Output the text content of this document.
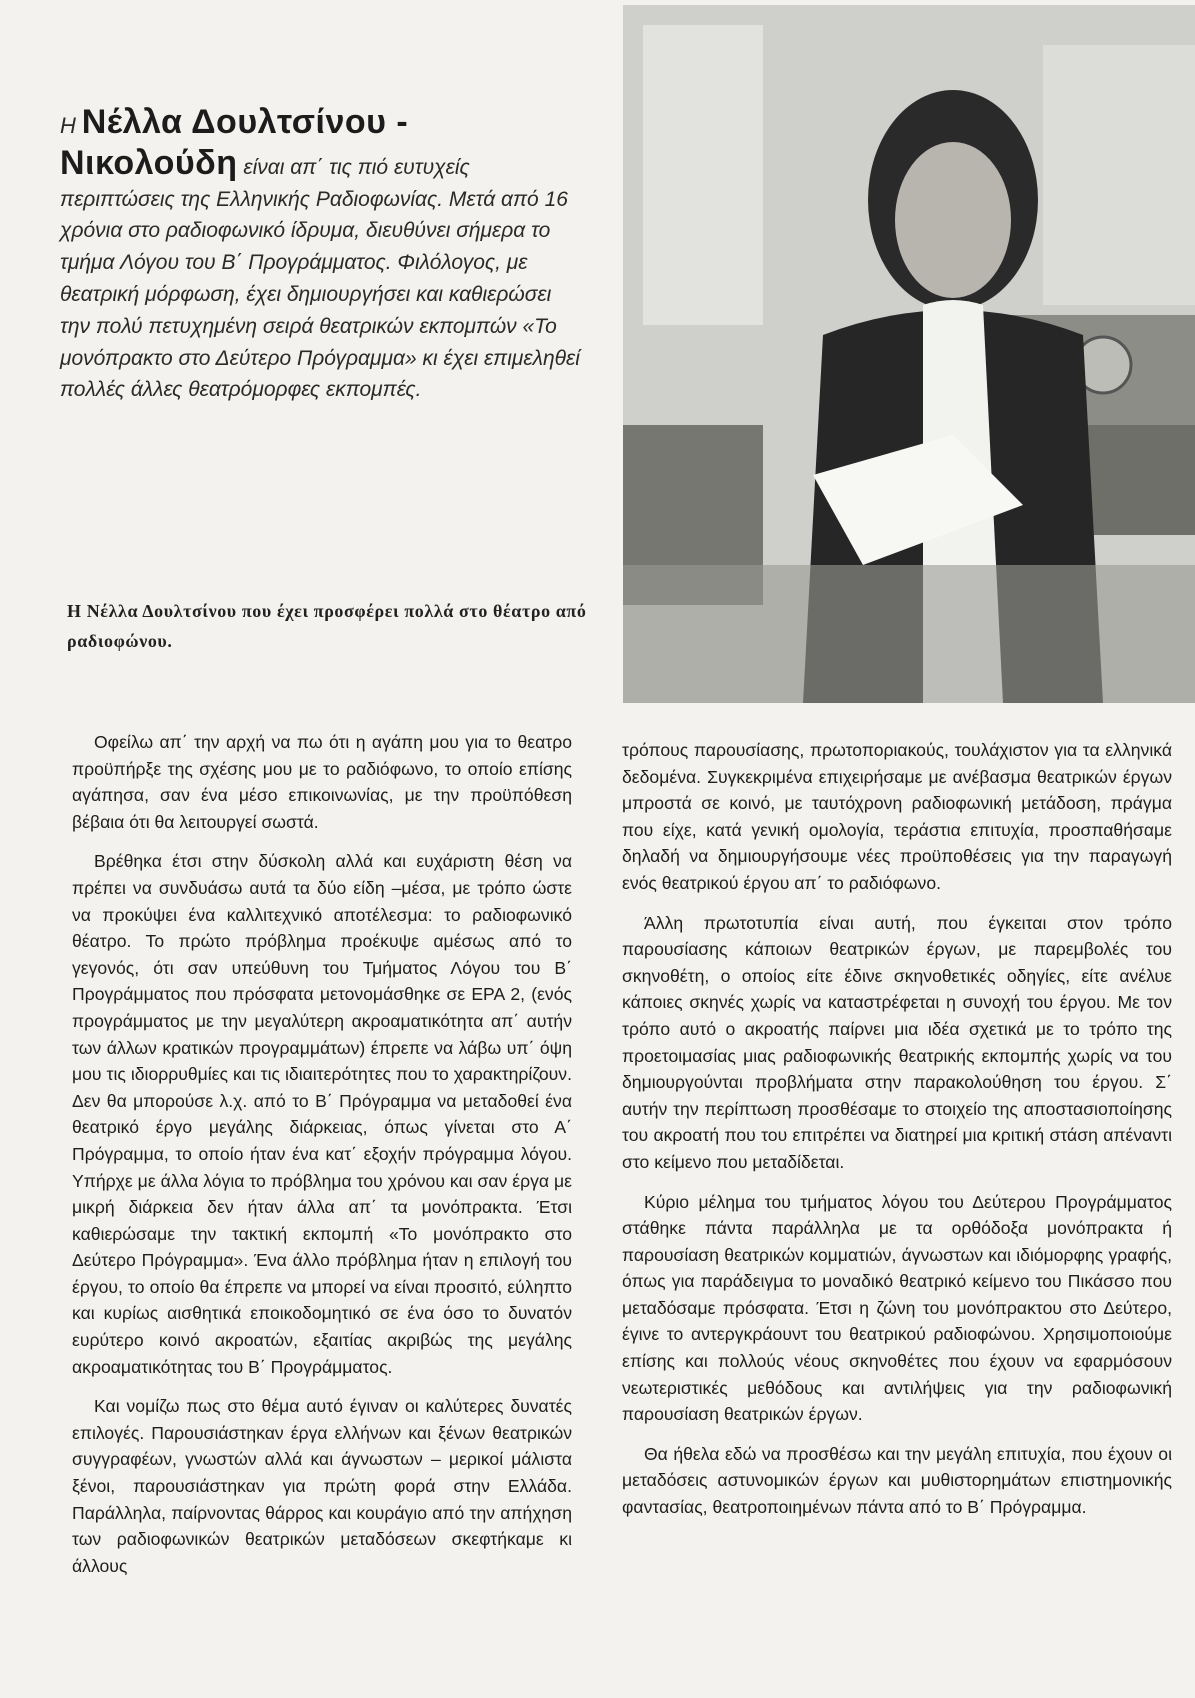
Η Νέλλα Δουλτσίνου -
Νικολούδη είναι απ΄ τις πιό ευτυχείς περιπτώσεις της Ελληνικής Ραδιοφωνίας. Μετά από 16 χρόνια στο ραδιοφωνικό ίδρυμα, διευθύνει σήμερα το τμήμα Λόγου του Β΄ Προγράμματος. Φιλόλογος, με θεατρική μόρφωση, έχει δημιουργήσει και καθιερώσει την πολύ πετυχημένη σειρά θεατρικών εκπομπών «Το μονόπρακτο στο Δεύτερο Πρόγραμμα» κι έχει επιμεληθεί πολλές άλλες θεατρόμορφες εκπομπές.
Η Νέλλα Δουλτσίνου που έχει προσφέρει πολλά στο θέατρο από ραδιοφώνου.

Οφείλω απ΄ την αρχή να πω ότι η αγάπη μου για το θεατρο προϋπήρξε της σχέσης μου με το ραδιόφωνο, το οποίο επίσης αγάπησα, σαν ένα μέσο επικοινωνίας, με την προϋπόθεση βέβαια ότι θα λειτουργεί σωστά.

Βρέθηκα έτσι στην δύσκολη αλλά και ευχάριστη θέση να πρέπει να συνδυάσω αυτά τα δύο είδη –μέσα, με τρόπο ώστε να προκύψει ένα καλλιτεχνικό αποτέλεσμα: το ραδιοφωνικό θέατρο. Το πρώτο πρόβλημα προέκυψε αμέσως από το γεγονός, ότι σαν υπεύθυνη του Τμήματος Λόγου του Β΄ Προγράμματος που πρόσφατα μετονομάσθηκε σε ΕΡΑ 2, (ενός προγράμματος με την μεγαλύτερη ακροαματικότητα απ΄ αυτήν των άλλων κρατικών προγραμμάτων) έπρεπε να λάβω υπ΄ όψη μου τις ιδιορρυθμίες και τις ιδιαιτερότητες που το χαρακτηρίζουν. Δεν θα μπορούσε λ.χ. από το Β΄ Πρόγραμμα να μεταδοθεί ένα θεατρικό έργο μεγάλης διάρκειας, όπως γίνεται στο Α΄ Πρόγραμμα, το οποίο ήταν ένα κατ΄ εξοχήν πρόγραμμα λόγου. Υπήρχε με άλλα λόγια το πρόβλημα του χρόνου και σαν έργα με μικρή διάρκεια δεν ήταν άλλα απ΄ τα μονόπρακτα. Έτσι καθιερώσαμε την τακτική εκπομπή «Το μονόπρακτο στο Δεύτερο Πρόγραμμα». Ένα άλλο πρόβλημα ήταν η επιλογή του έργου, το οποίο θα έπρεπε να μπορεί να είναι προσιτό, εύληπτο και κυρίως αισθητικά εποικοδομητικό σε ένα όσο το δυνατόν ευρύτερο κοινό ακροατών, εξαιτίας ακριβώς της μεγάλης ακροαματικότητας του Β΄ Προγράμματος.

Και νομίζω πως στο θέμα αυτό έγιναν οι καλύτερες δυνατές επιλογές. Παρουσιάστηκαν έργα ελλήνων και ξένων θεατρικών συγγραφέων, γνωστών αλλά και άγνωστων – μερικοί μάλιστα ξένοι, παρουσιάστηκαν για πρώτη φορά στην Ελλάδα. Παράλληλα, παίρνοντας θάρρος και κουράγιο από την απήχηση των ραδιοφωνικών θεατρικών μεταδόσεων σκεφτήκαμε κι άλλους

τρόπους παρουσίασης, πρωτοποριακούς, τουλάχιστον για τα ελληνικά δεδομένα. Συγκεκριμένα επιχειρήσαμε με ανέβασμα θεατρικών έργων μπροστά σε κοινό, με ταυτόχρονη ραδιοφωνική μετάδοση, πράγμα που είχε, κατά γενική ομολογία, τεράστια επιτυχία, προσπαθήσαμε δηλαδή να δημιουργήσουμε νέες προϋποθέσεις για την παραγωγή ενός θεατρικού έργου απ΄ το ραδιόφωνο.

Άλλη πρωτοτυπία είναι αυτή, που έγκειται στον τρόπο παρουσίασης κάποιων θεατρικών έργων, με παρεμβολές του σκηνοθέτη, ο οποίος είτε έδινε σκηνοθετικές οδηγίες, είτε ανέλυε κάποιες σκηνές χωρίς να καταστρέφεται η συνοχή του έργου. Με τον τρόπο αυτό ο ακροατής παίρνει μια ιδέα σχετικά με το τρόπο της προετοιμασίας μιας ραδιοφωνικής θεατρικής εκπομπής χωρίς να του δημιουργούνται προβλήματα στην παρακολούθηση του έργου. Σ΄ αυτήν την περίπτωση προσθέσαμε το στοιχείο της αποστασιοποίησης του ακροατή που του επιτρέπει να διατηρεί μια κριτική στάση απέναντι στο κείμενο που μεταδίδεται.

Κύριο μέλημα του τμήματος λόγου του Δεύτερου Προγράμματος στάθηκε πάντα παράλληλα με τα ορθόδοξα μονόπρακτα ή παρουσίαση θεατρικών κομματιών, άγνωστων και ιδιόμορφης γραφής, όπως για παράδειγμα το μοναδικό θεατρικό κείμενο του Πικάσσο που μεταδόσαμε πρόσφατα. Έτσι η ζώνη του μονόπρακτου στο Δεύτερο, έγινε το αντεργκράουντ του θεατρικού ραδιοφώνου. Χρησιμοποιούμε επίσης και πολλούς νέους σκηνοθέτες που έχουν να εφαρμόσουν νεωτεριστικές μεθόδους και αντιλήψεις για την ραδιοφωνική παρουσίαση θεατρικών έργων.

Θα ήθελα εδώ να προσθέσω και την μεγάλη επιτυχία, που έχουν οι μεταδόσεις αστυνομικών έργων και μυθιστορημάτων επιστημονικής φαντασίας, θεατροποιημένων πάντα από το Β΄ Πρόγραμμα.
